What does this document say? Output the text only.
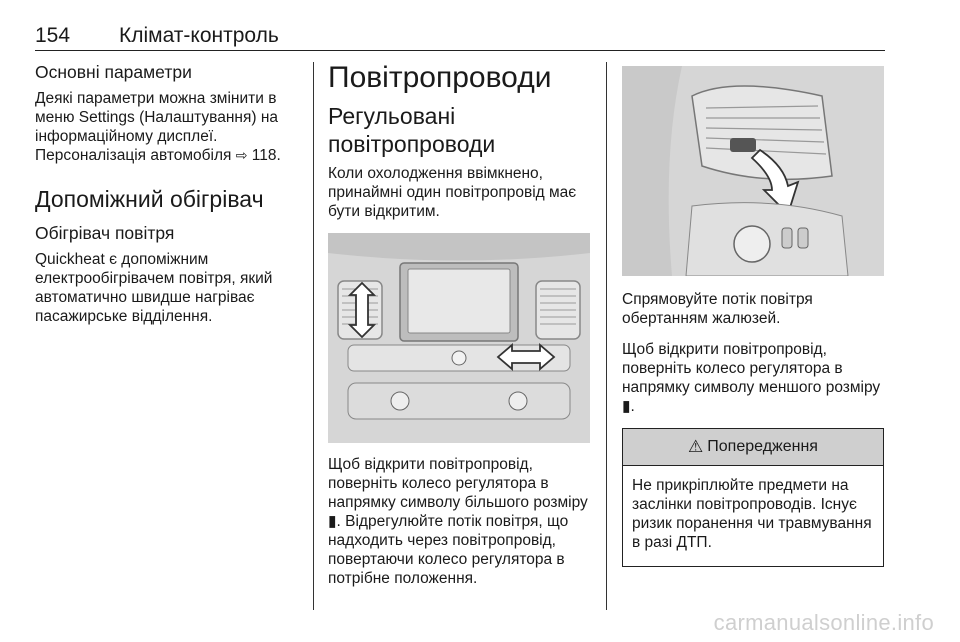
154 Клімат-контроль
Основні параметри

Деякі параметри можна змінити в меню Settings (Налаштування) на інформаційному дисплеї.

Персоналізація автомобіля ⇨ 118.

Допоміжний обігрівач
Обігрівач повітря

Quickheat є допоміжним електрообігрівачем повітря, який автоматично швидше нагріває пасажирське відділення.

Повітропроводи
Регульовані
повітропроводи

Коли охолодження ввімкнено, принаймні один повітропровід має бути відкритим.

Щоб відкрити повітропровід, поверніть колесо регулятора в напрямку символу більшого розміру ▮. Відрегулюйте потік повітря, що надходить через повітропровід, повертаючи колесо регулятора в потрібне положення.

Спрямовуйте потік повітря обертанням жалюзей.

Щоб відкрити повітропровід, поверніть колесо регулятора в напрямку символу меншого розміру ▮.

⚠ Попередження
Не прикріплюйте предмети на заслінки повітропроводів. Існує ризик поранення чи травмування в разі ДТП.
carmanualsonline.info
